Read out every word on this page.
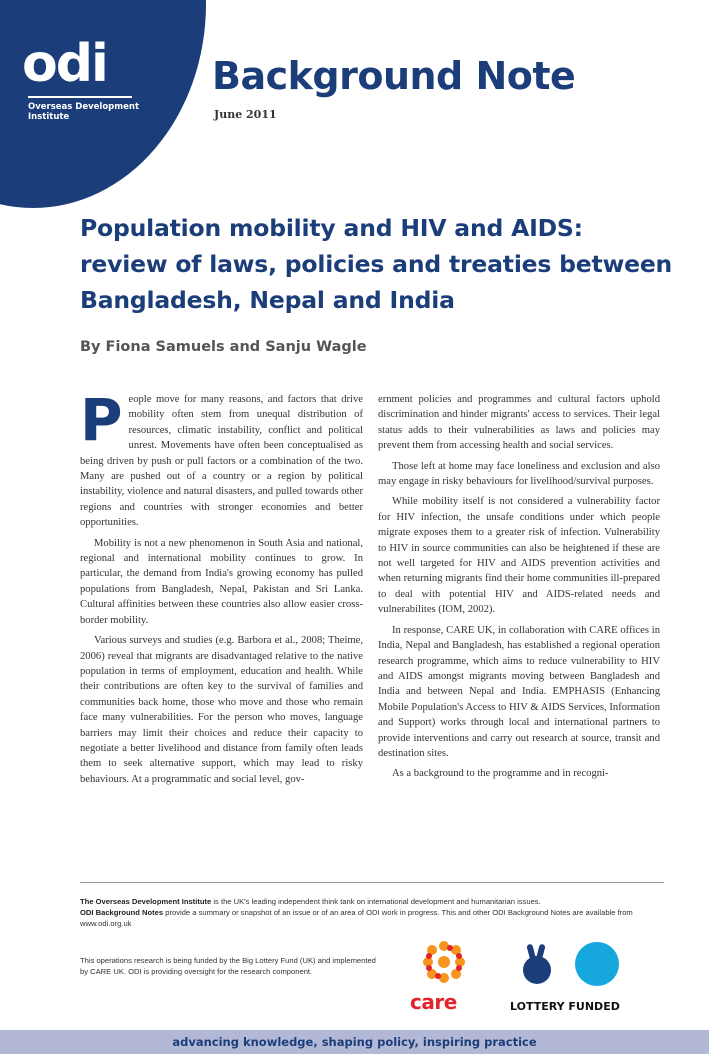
odi
Overseas Development
Institute
Background Note
June 2011
Population mobility and HIV and AIDS:
review of laws, policies and treaties between
Bangladesh, Nepal and India
By Fiona Samuels and Sanju Wagle

People move for many reasons, and factors that drive mobility often stem from unequal distribution of resources, climatic instability, conflict and political unrest. Movements have often been conceptualised as being driven by push or pull factors or a combination of the two. Many are pushed out of a country or a region by political instability, violence and natural disasters, and pulled towards other regions and countries with stronger economies and better opportunities.

Mobility is not a new phenomenon in South Asia and national, regional and international mobility continues to grow. In particular, the demand from India's growing economy has pulled populations from Bangladesh, Nepal, Pakistan and Sri Lanka. Cultural affinities between these countries also allow easier cross-border mobility.

Various surveys and studies (e.g. Barbora et al., 2008; Theime, 2006) reveal that migrants are disadvantaged relative to the native population in terms of employment, education and health. While their contributions are often key to the survival of families and communities back home, those who move and those who remain face many vulnerabilities. For the person who moves, language barriers may limit their choices and reduce their capacity to negotiate a better livelihood and distance from family often leads them to seek alternative support, which may lead to risky behaviours. At a programmatic and social level, gov-

ernment policies and programmes and cultural factors uphold discrimination and hinder migrants' access to services. Their legal status adds to their vulnerabilities as laws and policies may prevent them from accessing health and social services.

Those left at home may face loneliness and exclusion and also may engage in risky behaviours for livelihood/survival purposes.

While mobility itself is not considered a vulnerability factor for HIV infection, the unsafe conditions under which people migrate exposes them to a greater risk of infection. Vulnerability to HIV in source communities can also be heightened if these are not well targeted for HIV and AIDS prevention activities and when returning migrants find their home communities ill-prepared to deal with potential HIV and AIDS-related needs and vulnerabilites (IOM, 2002).

In response, CARE UK, in collaboration with CARE offices in India, Nepal and Bangladesh, has established a regional operation research programme, which aims to reduce vulnerability to HIV and AIDS amongst migrants moving between Bangladesh and India and between Nepal and India. EMPHASIS (Enhancing Mobile Population's Access to HIV & AIDS Services, Information and Support) works through local and international partners to provide interventions and carry out research at source, transit and destination sites.

As a background to the programme and in recogni-

The Overseas Development Institute is the UK's leading independent think tank on international development and humanitarian issues.
ODI Background Notes provide a summary or snapshot of an issue or of an area of ODI work in progress. This and other ODI Background Notes are available from www.odi.org.uk
This operations research is being funded by the Big Lottery Fund (UK) and implemented by CARE UK. ODI is providing oversight for the research component.
care	LOTTERY FUNDED
advancing knowledge, shaping policy, inspiring practice
